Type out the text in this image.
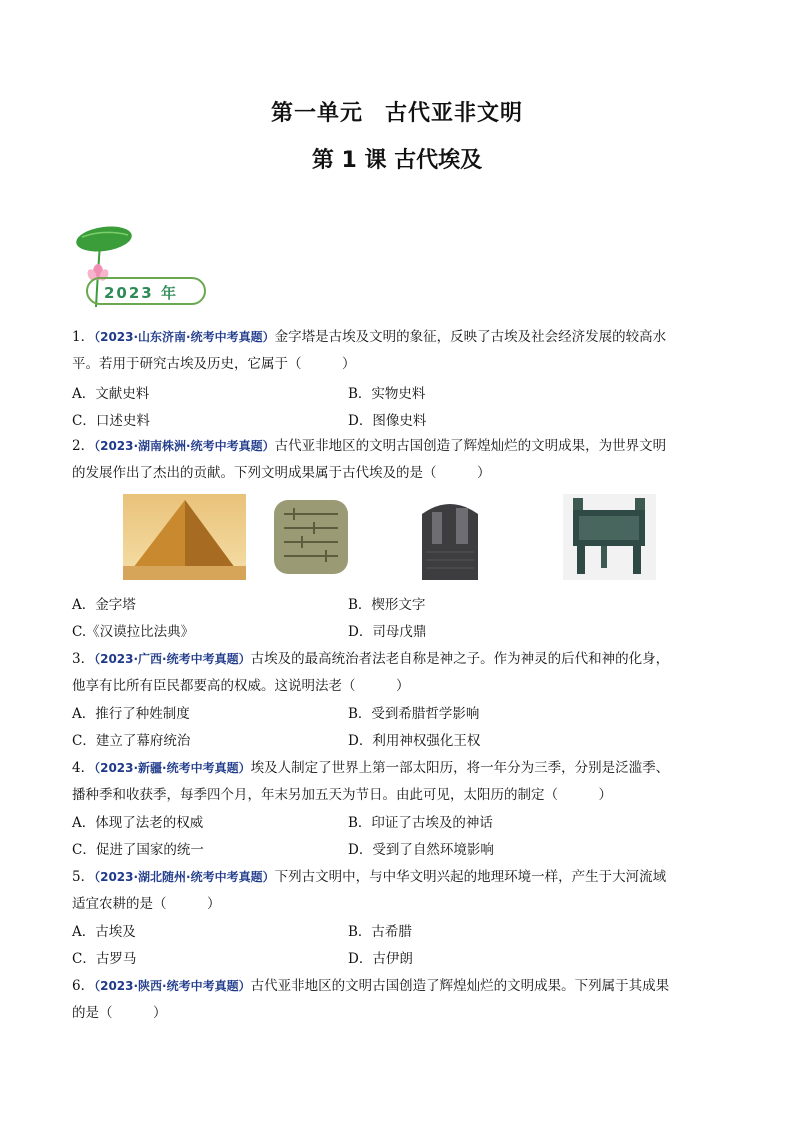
第一单元 古代亚非文明
第 1 课 古代埃及
2023 年
1．（2023·山东济南·统考中考真题）金字塔是古埃及文明的象征，反映了古埃及社会经济发展的较高水
平。若用于研究古埃及历史，它属于（　　　）
A．文献史料	B．实物史料
C．口述史料	D．图像史料
2．（2023·湖南株洲·统考中考真题）古代亚非地区的文明古国创造了辉煌灿烂的文明成果，为世界文明
的发展作出了杰出的贡献。下列文明成果属于古代埃及的是（　　　）
A．金字塔	B．楔形文字
C.《汉谟拉比法典》	D．司母戊鼎
3．（2023·广西·统考中考真题）古埃及的最高统治者法老自称是神之子。作为神灵的后代和神的化身，
他享有比所有臣民都要高的权威。这说明法老（　　　）
A．推行了种姓制度	B．受到希腊哲学影响
C．建立了幕府统治	D．利用神权强化王权
4．（2023·新疆·统考中考真题）埃及人制定了世界上第一部太阳历，将一年分为三季，分别是泛滥季、
播种季和收获季，每季四个月，年末另加五天为节日。由此可见，太阳历的制定（　　　）
A．体现了法老的权威	B．印证了古埃及的神话
C．促进了国家的统一	D．受到了自然环境影响
5．（2023·湖北随州·统考中考真题）下列古文明中，与中华文明兴起的地理环境一样，产生于大河流域
适宜农耕的是（　　　）
A．古埃及	B．古希腊
C．古罗马	D．古伊朗
6．（2023·陕西·统考中考真题）古代亚非地区的文明古国创造了辉煌灿烂的文明成果。下列属于其成果
的是（　　　）
